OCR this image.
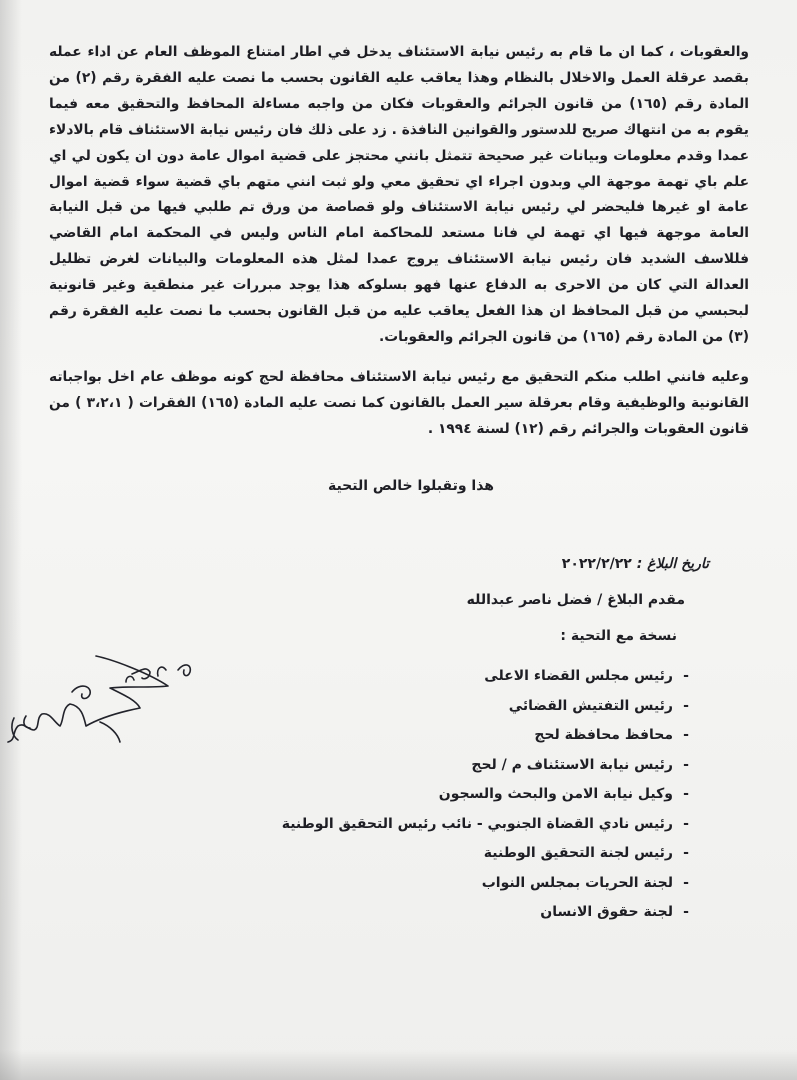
والعقوبات ، كما ان ما قام به رئيس نيابة الاستئناف يدخل في اطار امتناع الموظف العام عن اداء عمله بقصد عرقلة العمل والاخلال بالنظام وهذا يعاقب عليه القانون بحسب ما نصت عليه الفقرة رقم (٢) من المادة رقم (١٦٥) من قانون الجرائم والعقوبات فكان من واجبه مساءلة المحافظ والتحقيق معه فيما يقوم به من انتهاك صريح للدستور والقوانين النافذة . زد على ذلك فان رئيس نيابة الاستئناف قام بالادلاء عمدا وقدم معلومات وبيانات غير صحيحة تتمثل بانني محتجز على قضية اموال عامة دون ان يكون لي اي علم باي تهمة موجهة الي وبدون اجراء اي تحقيق معي ولو ثبت انني متهم باي قضية سواء قضية اموال عامة او غيرها فليحضر لي رئيس نيابة الاستئناف ولو قصاصة من ورق تم طلبي فيها من قبل النيابة العامة موجهة فيها اي تهمة لي فانا مستعد للمحاكمة امام الناس وليس في المحكمة امام القاضي فللاسف الشديد فان رئيس نيابة الاستئناف يروج عمدا لمثل هذه المعلومات والبيانات لغرض تظليل العدالة التي كان من الاحرى به الدفاع عنها فهو بسلوكه هذا يوجد مبررات غير منطقية وغير قانونية لبحبسي من قبل المحافظ ان هذا الفعل يعاقب عليه من قبل القانون بحسب ما نصت عليه الفقرة رقم (٣) من المادة رقم (١٦٥) من قانون الجرائم والعقوبات.

وعليه فانني اطلب منكم التحقيق مع رئيس نيابة الاستئناف محافظة لحج كونه موظف عام اخل بواجباته القانونية والوظيفية وقام بعرقلة سير العمل بالقانون كما نصت عليه المادة (١٦٥) الفقرات ( ٣،٢،١ ) من قانون العقوبات والجرائم رقم (١٢) لسنة ١٩٩٤ .

هذا وتقبلوا خالص التحية
تاريخ البلاغ : ٢٠٢٢/٢/٢٢
مقدم البلاغ / فضل ناصر عبدالله
نسخة مع التحية :
-رئيس مجلس القضاء الاعلى
-رئيس التفتيش القضائي
-محافظ محافظة لحج
-رئيس نيابة الاستئناف م / لحج
-وكيل نيابة الامن والبحث والسجون
-رئيس نادي القضاة الجنوبي - نائب رئيس التحقيق الوطنية
-رئيس لجنة التحقيق الوطنية
-لجنة الحريات بمجلس النواب
-لجنة حقوق الانسان
